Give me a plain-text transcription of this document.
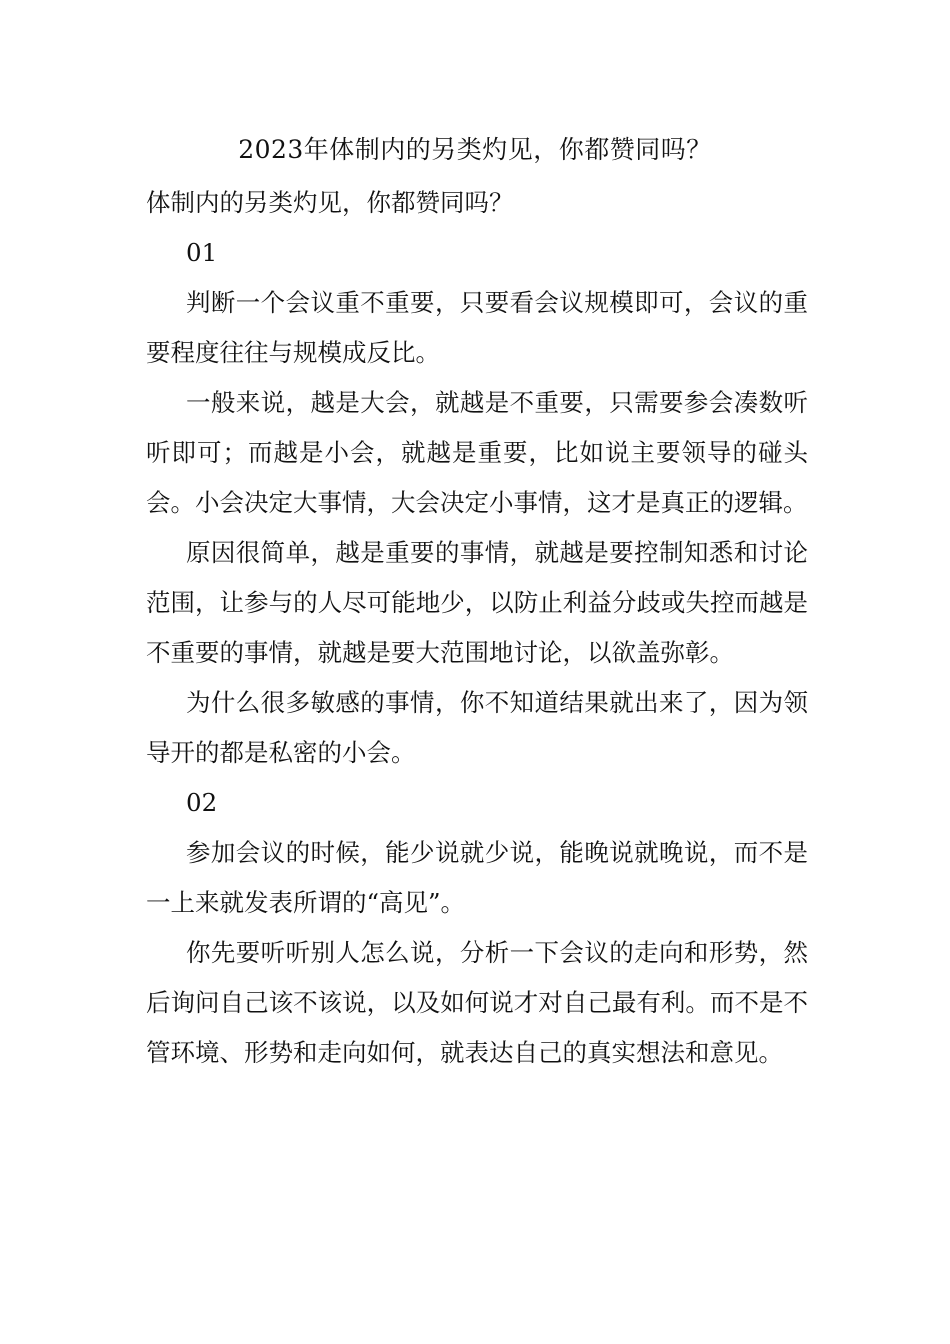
2023年体制内的另类灼见，你都赞同吗？

体制内的另类灼见，你都赞同吗？

01

判断一个会议重不重要，只要看会议规模即可，会议的重要程度往往与规模成反比。

一般来说，越是大会，就越是不重要，只需要参会凑数听听即可；而越是小会，就越是重要，比如说主要领导的碰头会。小会决定大事情，大会决定小事情，这才是真正的逻辑。

原因很简单，越是重要的事情，就越是要控制知悉和讨论范围，让参与的人尽可能地少，以防止利益分歧或失控而越是不重要的事情，就越是要大范围地讨论，以欲盖弥彰。

为什么很多敏感的事情，你不知道结果就出来了，因为领导开的都是私密的小会。

02

参加会议的时候，能少说就少说，能晚说就晚说，而不是一上来就发表所谓的“高见”。

你先要听听别人怎么说，分析一下会议的走向和形势，然后询问自己该不该说，以及如何说才对自己最有利。而不是不管环境、形势和走向如何，就表达自己的真实想法和意见。
